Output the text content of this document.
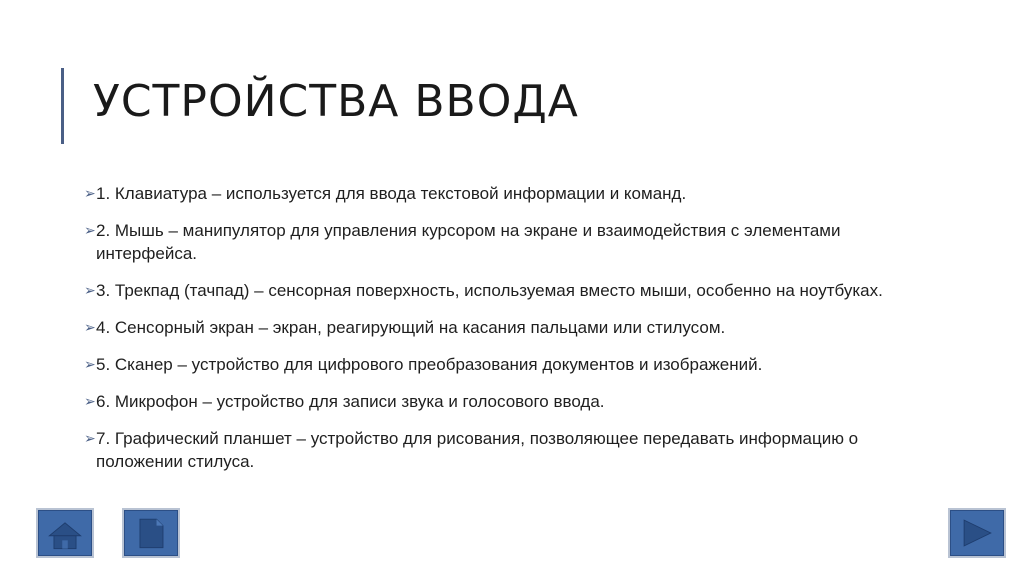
УСТРОЙСТВА ВВОДА
➢ 1. Клавиатура – используется для ввода текстовой информации и команд.
➢ 2. Мышь – манипулятор для управления курсором на экране и взаимодействия с элементами интерфейса.
➢ 3. Трекпад (тачпад) – сенсорная поверхность, используемая вместо мыши, особенно на ноутбуках.
➢ 4. Сенсорный экран – экран, реагирующий на касания пальцами или стилусом.
➢ 5. Сканер – устройство для цифрового преобразования документов и изображений.
➢ 6. Микрофон – устройство для записи звука и голосового ввода.
➢ 7. Графический планшет – устройство для рисования, позволяющее передавать информацию о положении стилуса.
